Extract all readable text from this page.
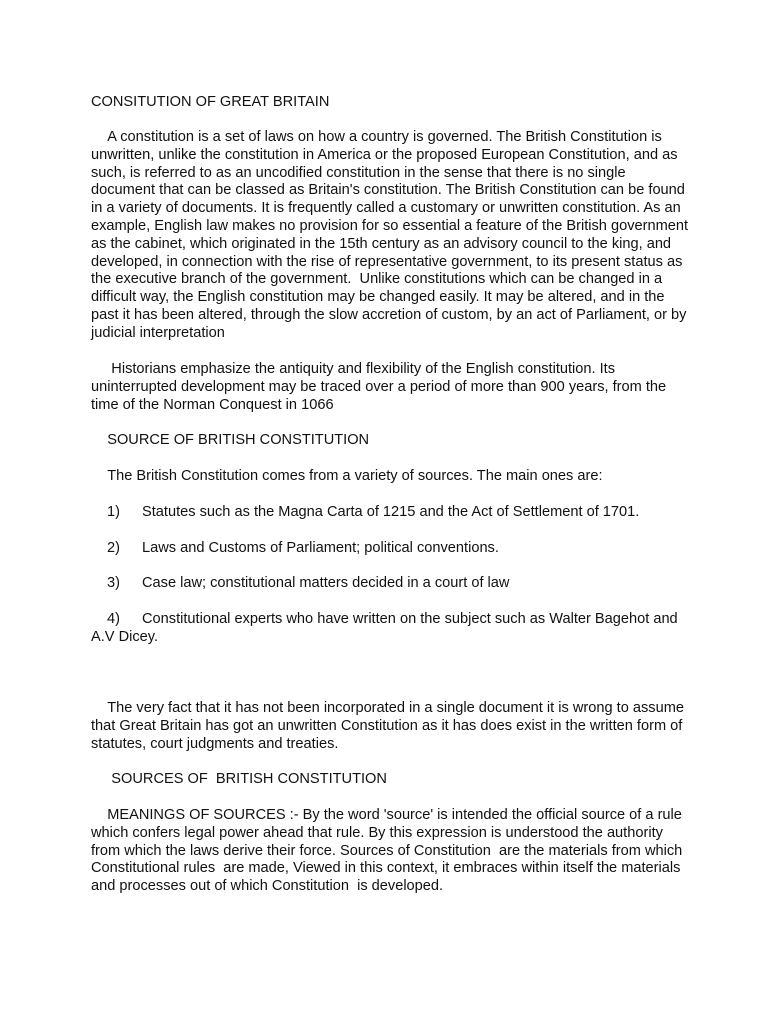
CONSITUTION OF GREAT BRITAIN

A constitution is a set of laws on how a country is governed. The British Constitution is unwritten, unlike the constitution in America or the proposed European Constitution, and as such, is referred to as an uncodified constitution in the sense that there is no single document that can be classed as Britain's constitution. The British Constitution can be found in a variety of documents. It is frequently called a customary or unwritten constitution. As an example, English law makes no provision for so essential a feature of the British government as the cabinet, which originated in the 15th century as an advisory council to the king, and developed, in connection with the rise of representative government, to its present status as the executive branch of the government.  Unlike constitutions which can be changed in a difficult way, the English constitution may be changed easily. It may be altered, and in the past it has been altered, through the slow accretion of custom, by an act of Parliament, or by judicial interpretation

Historians emphasize the antiquity and flexibility of the English constitution. Its uninterrupted development may be traced over a period of more than 900 years, from the time of the Norman Conquest in 1066

SOURCE OF BRITISH CONSTITUTION

The British Constitution comes from a variety of sources. The main ones are:

1) Statutes such as the Magna Carta of 1215 and the Act of Settlement of 1701.

2) Laws and Customs of Parliament; political conventions.

3) Case law; constitutional matters decided in a court of law

4) Constitutional experts who have written on the subject such as Walter Bagehot and A.V Dicey.

The very fact that it has not been incorporated in a single document it is wrong to assume that Great Britain has got an unwritten Constitution as it has does exist in the written form of statutes, court judgments and treaties.

SOURCES OF  BRITISH CONSTITUTION

MEANINGS OF SOURCES :- By the word 'source' is intended the official source of a rule which confers legal power ahead that rule. By this expression is understood the authority from which the laws derive their force. Sources of Constitution  are the materials from which Constitutional rules  are made, Viewed in this context, it embraces within itself the materials and processes out of which Constitution  is developed.
